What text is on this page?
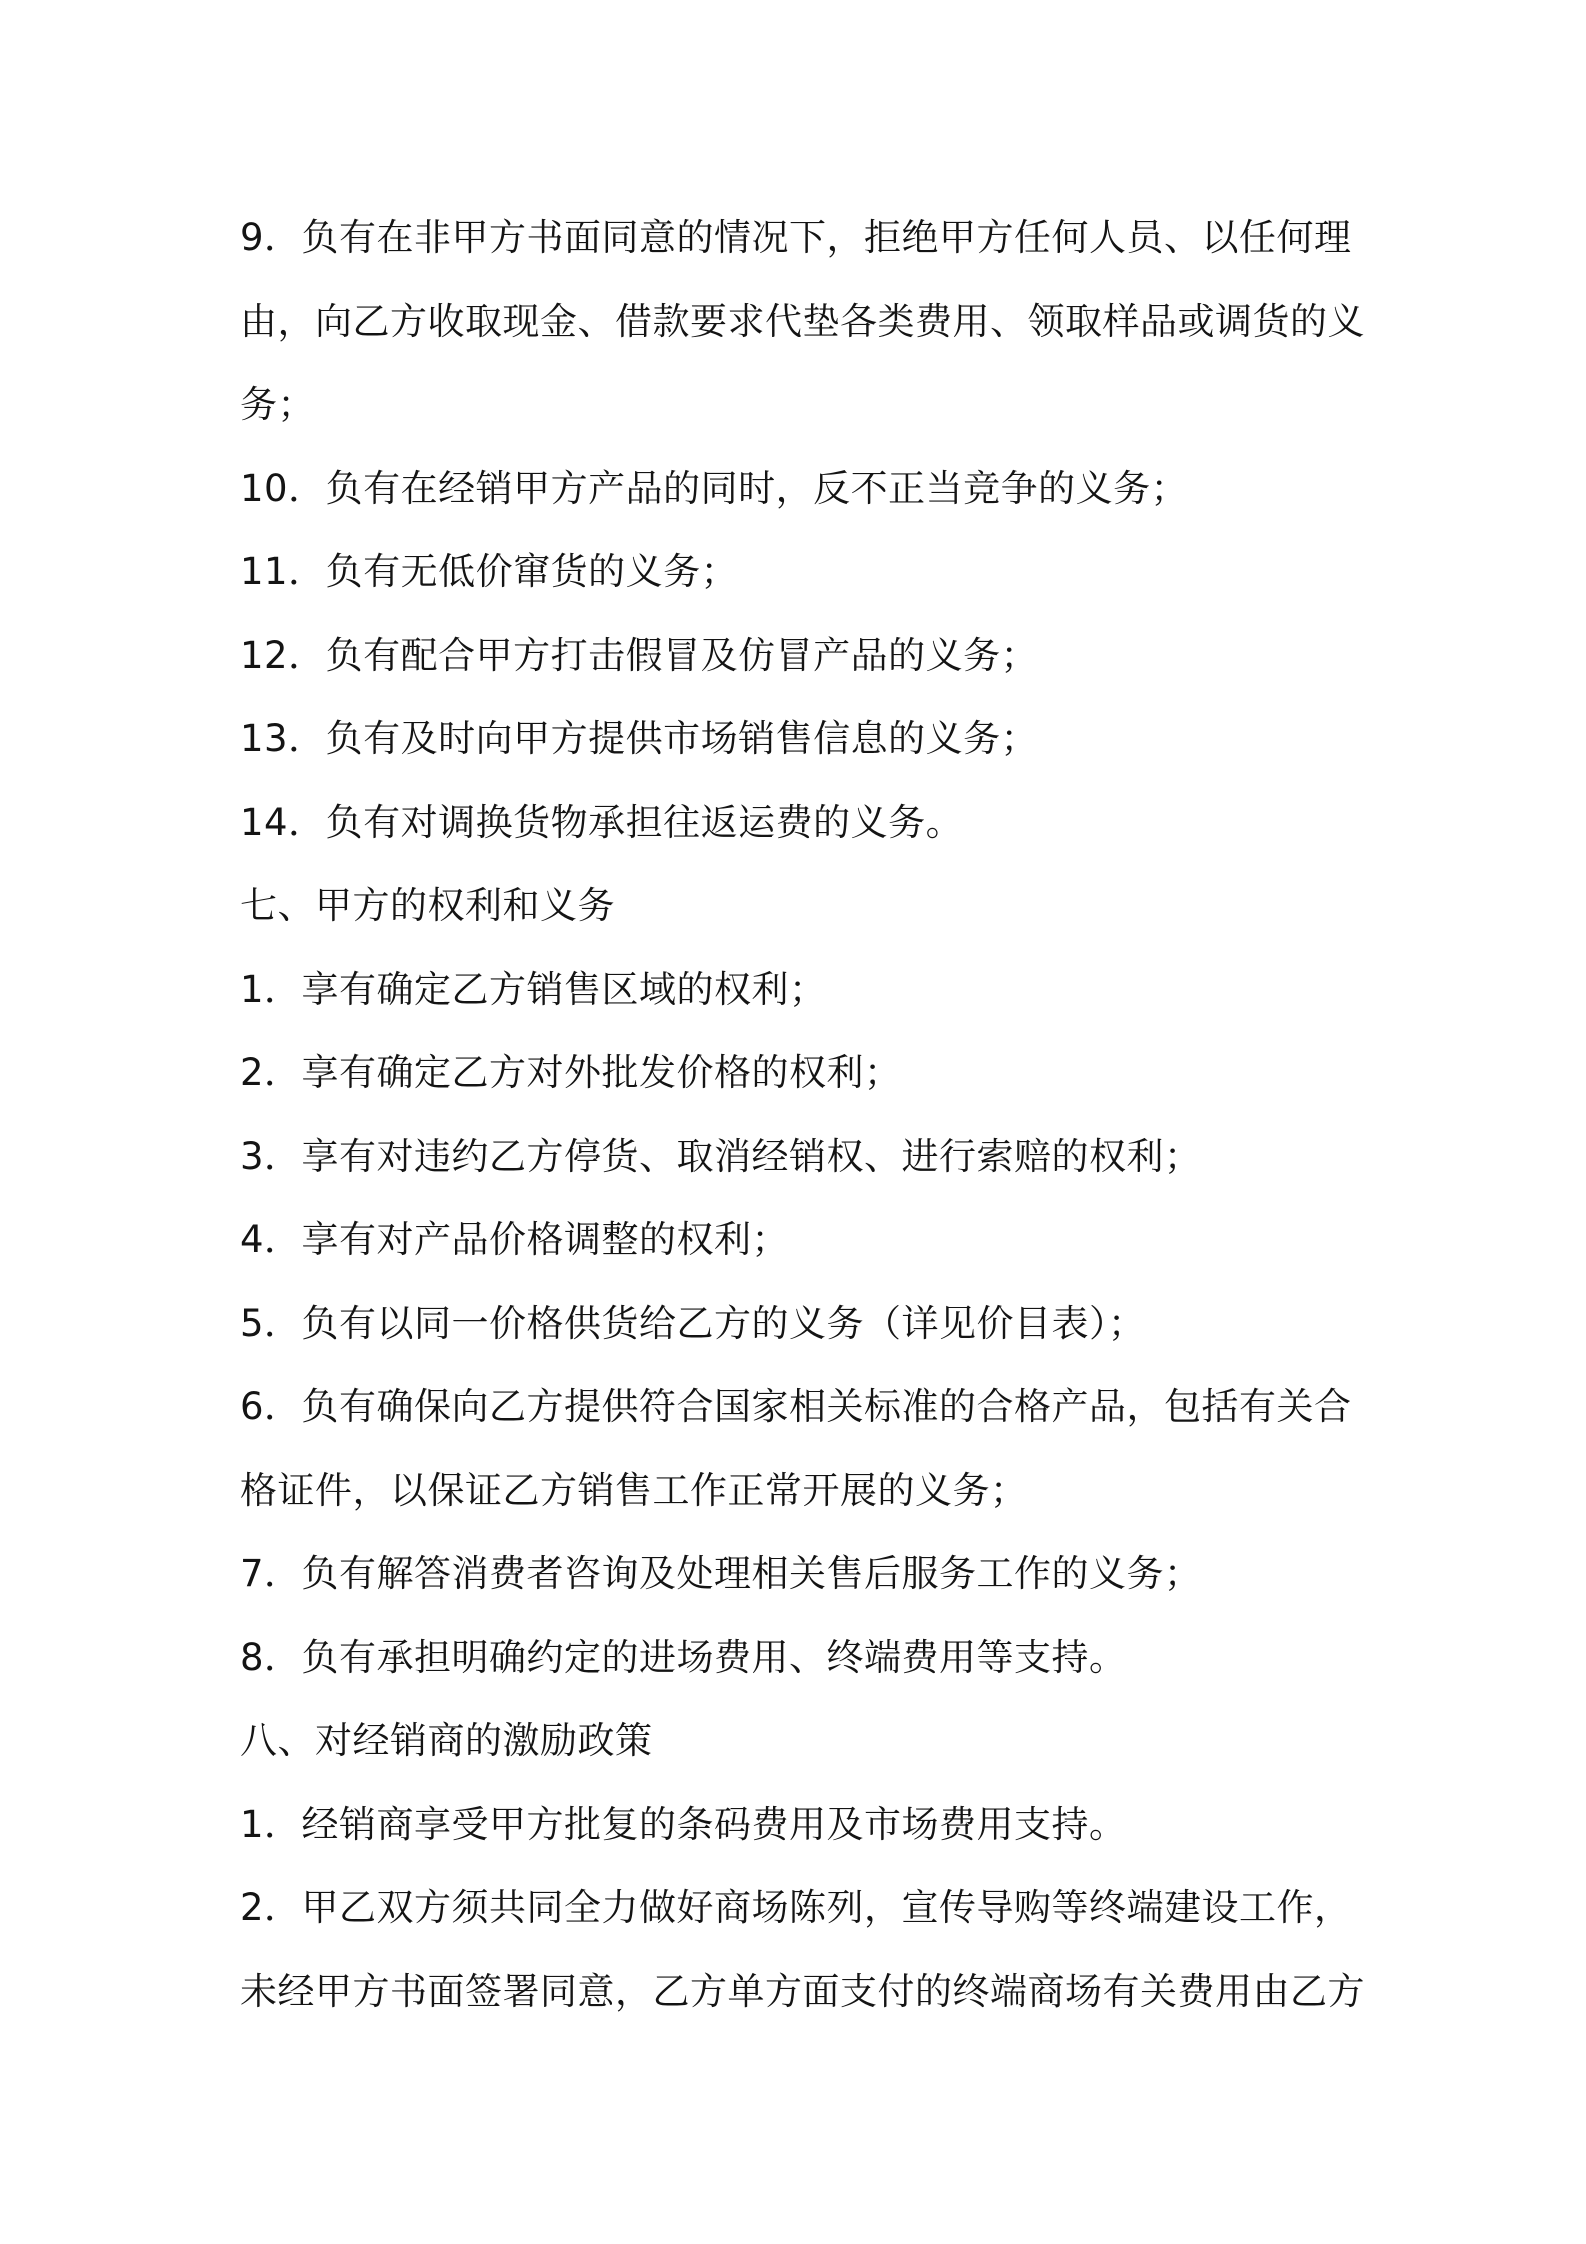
9．负有在非甲方书面同意的情况下，拒绝甲方任何人员、以任何理
由，向乙方收取现金、借款要求代垫各类费用、领取样品或调货的义
务；
10．负有在经销甲方产品的同时，反不正当竞争的义务；
11．负有无低价窜货的义务；
12．负有配合甲方打击假冒及仿冒产品的义务；
13．负有及时向甲方提供市场销售信息的义务；
14．负有对调换货物承担往返运费的义务。
七、甲方的权利和义务
1．享有确定乙方销售区域的权利；
2．享有确定乙方对外批发价格的权利；
3．享有对违约乙方停货、取消经销权、进行索赔的权利；
4．享有对产品价格调整的权利；
5．负有以同一价格供货给乙方的义务（详见价目表）；
6．负有确保向乙方提供符合国家相关标准的合格产品，包括有关合
格证件，以保证乙方销售工作正常开展的义务；
7．负有解答消费者咨询及处理相关售后服务工作的义务；
8．负有承担明确约定的进场费用、终端费用等支持。
八、对经销商的激励政策
1．经销商享受甲方批复的条码费用及市场费用支持。
2．甲乙双方须共同全力做好商场陈列，宣传导购等终端建设工作，
未经甲方书面签署同意，乙方单方面支付的终端商场有关费用由乙方
